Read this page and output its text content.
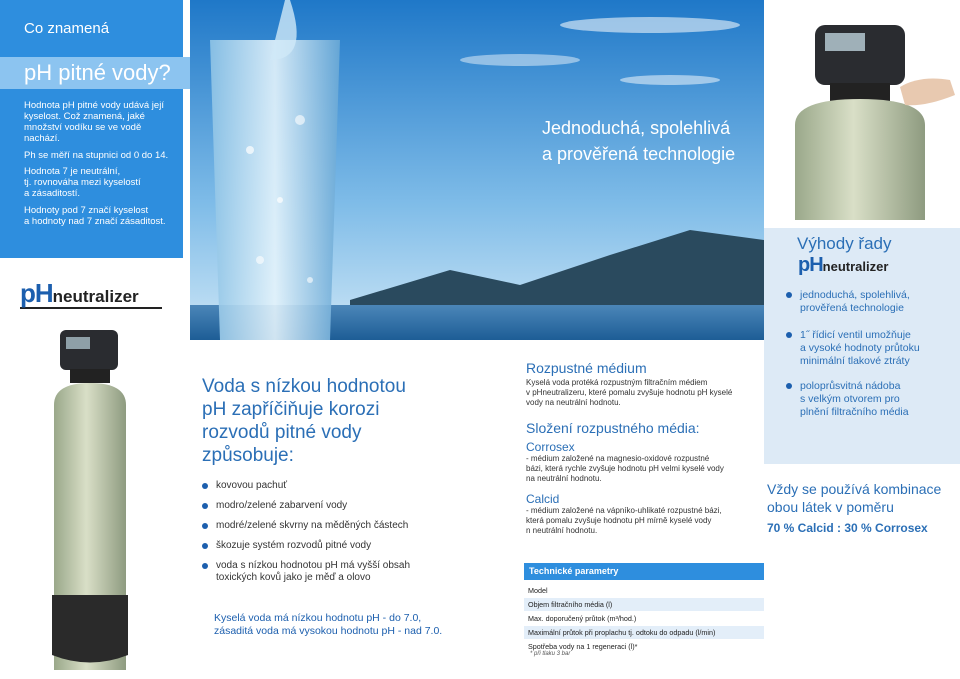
Co znamená
Hodnota pH pitné vody udává její kyselost. Což znamená, jaké množství vodíku se ve vodě nachází.
Ph se měří na stupnici od 0 do 14.
Hodnota 7 je neutrální,
tj. rovnováha mezi kyselostí
a zásaditostí.
Hodnoty pod 7 značí kyselost
a hodnoty nad 7 značí zásaditost.
pH pitné vody?
pHneutralizer
Jednoduchá, spolehlivá
a prověřená technologie
Voda s nízkou hodnotou
pH zapříčiňuje korozi
rozvodů pitné vody
způsobuje:
kovovou pachuť
modro/zelené zabarvení vody
modré/zelené skvrny na měděných částech
škozuje systém rozvodů pitné vody
voda s nízkou hodnotou pH má vyšší obsah
toxických kovů jako je měď a olovo
Kyselá voda má nízkou hodnotu pH - do 7.0,
zásaditá voda má vysokou hodnotu pH - nad 7.0.
Rozpustné médium
Kyselá voda protéká rozpustným filtračním médiem
v pHneutralizeru, které pomalu zvyšuje hodnotu pH kyselé
vody na neutrální hodnotu.
Složení rozpustného média:
Corrosex
- médium založené na magnesio-oxidové rozpustné
bázi, která rychle zvyšuje hodnotu pH velmi kyselé vody
na neutrální hodnotu.
Calcid
- médium založené na vápníko-uhlikaté rozpustné bázi,
která pomalu zvyšuje hodnotu pH mírně kyselé vody
n neutrální hodnotu.
Technické parametry
Model	
Objem filtračního média (l)		
Max. doporučený průtok (m³/hod.)		
Maximální průtok při proplachu tj. odtoku do odpadu (l/min)		
Spotřeba vody na 1 regeneraci (l)*		
* při tlaku 3 bar
Výhody řady
pHneutralizer
jednoduchá, spolehlivá,
prověřená technologie
1˝ řídicí ventil umožňuje
a vysoké hodnoty průtoku
minimální tlakové ztráty
poloprůsvitná nádoba
s velkým otvorem pro
plnění filtračního média
Vždy se používá kombinace
obou látek v poměru
70 % Calcid : 30 % Corrosex
